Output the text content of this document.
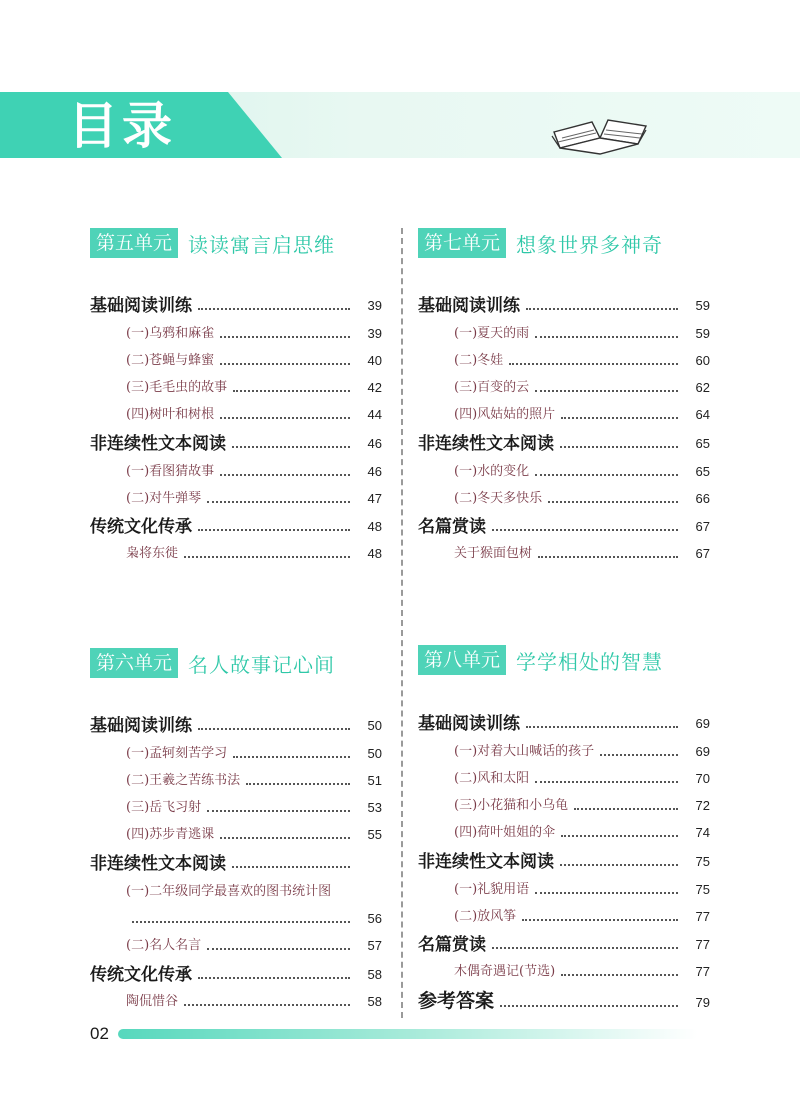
目录
第五单元 读读寓言启思维
基础阅读训练	39
(一)乌鸦和麻雀	39
(二)苍蝇与蜂蜜	40
(三)毛毛虫的故事	42
(四)树叶和树根	44
非连续性文本阅读	46
(一)看图猜故事	46
(二)对牛弹琴	47
传统文化传承	48
枭将东徙	48
第六单元 名人故事记心间
基础阅读训练	50
(一)孟轲刻苦学习	50
(二)王羲之苦练书法	51
(三)岳飞习射	53
(四)苏步青逃课	55
非连续性文本阅读
(一)二年级同学最喜欢的图书统计图
56
(二)名人名言	57
传统文化传承	58
陶侃惜谷	58
第七单元 想象世界多神奇
基础阅读训练	59
(一)夏天的雨	59
(二)冬娃	60
(三)百变的云	62
(四)风姑姑的照片	64
非连续性文本阅读	65
(一)水的变化	65
(二)冬天多快乐	66
名篇赏读	67
关于猴面包树	67
第八单元 学学相处的智慧
基础阅读训练	69
(一)对着大山喊话的孩子	69
(二)风和太阳	70
(三)小花猫和小乌龟	72
(四)荷叶姐姐的伞	74
非连续性文本阅读	75
(一)礼貌用语	75
(二)放风筝	77
名篇赏读	77
木偶奇遇记(节选)	77
参考答案	79
02
